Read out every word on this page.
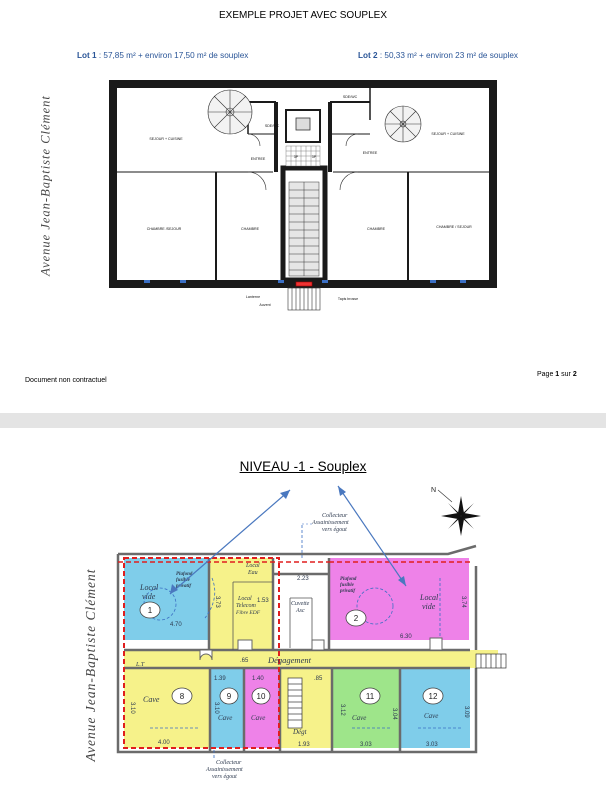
EXEMPLE PROJET AVEC SOUPLEX
Lot 1 : 57,85 m² + environ 17,50 m² de souplex	Lot 2 : 50,33 m² + environ 23 m² de souplex
Avenue Jean-Baptiste Clément	SEJOUR + CUISINE
SEJOUR + CUISINE
ENTREE
ENTREE
SDE/WC
SDE/WC
CHAMBRE /SEJOUR	CHAMBRE	CHAMBRE	CHAMBRE / SEJOUR
3P	3P
Lanterne
Auvent
Tapis brosse
Document non contractuel
Page 1 sur 2
NIVEAU -1 - Souplex
Avenue Jean-Baptiste Clément	1
2
8	9	10	11	12
Local
vide
Plafond
fusible
privatif
Local
Eau
Local
Telecom
Fibre EDF
Cuvette
Asc
Plafond
fusible
privatif
Local
vide
Dégagement
L.T
Cave
Cave	Cave
Dégt
Cave	Cave
4.70
3.73
2.23
1.53
6.30
3.74
1.39	1.40
4.00	1.93	3.03	3.03
3.10	3.12	3.04	3.09
3.10
.85
.65
N
Collecteur
Assainissement
vers égout
Collecteur
Assainissement
vers égout
